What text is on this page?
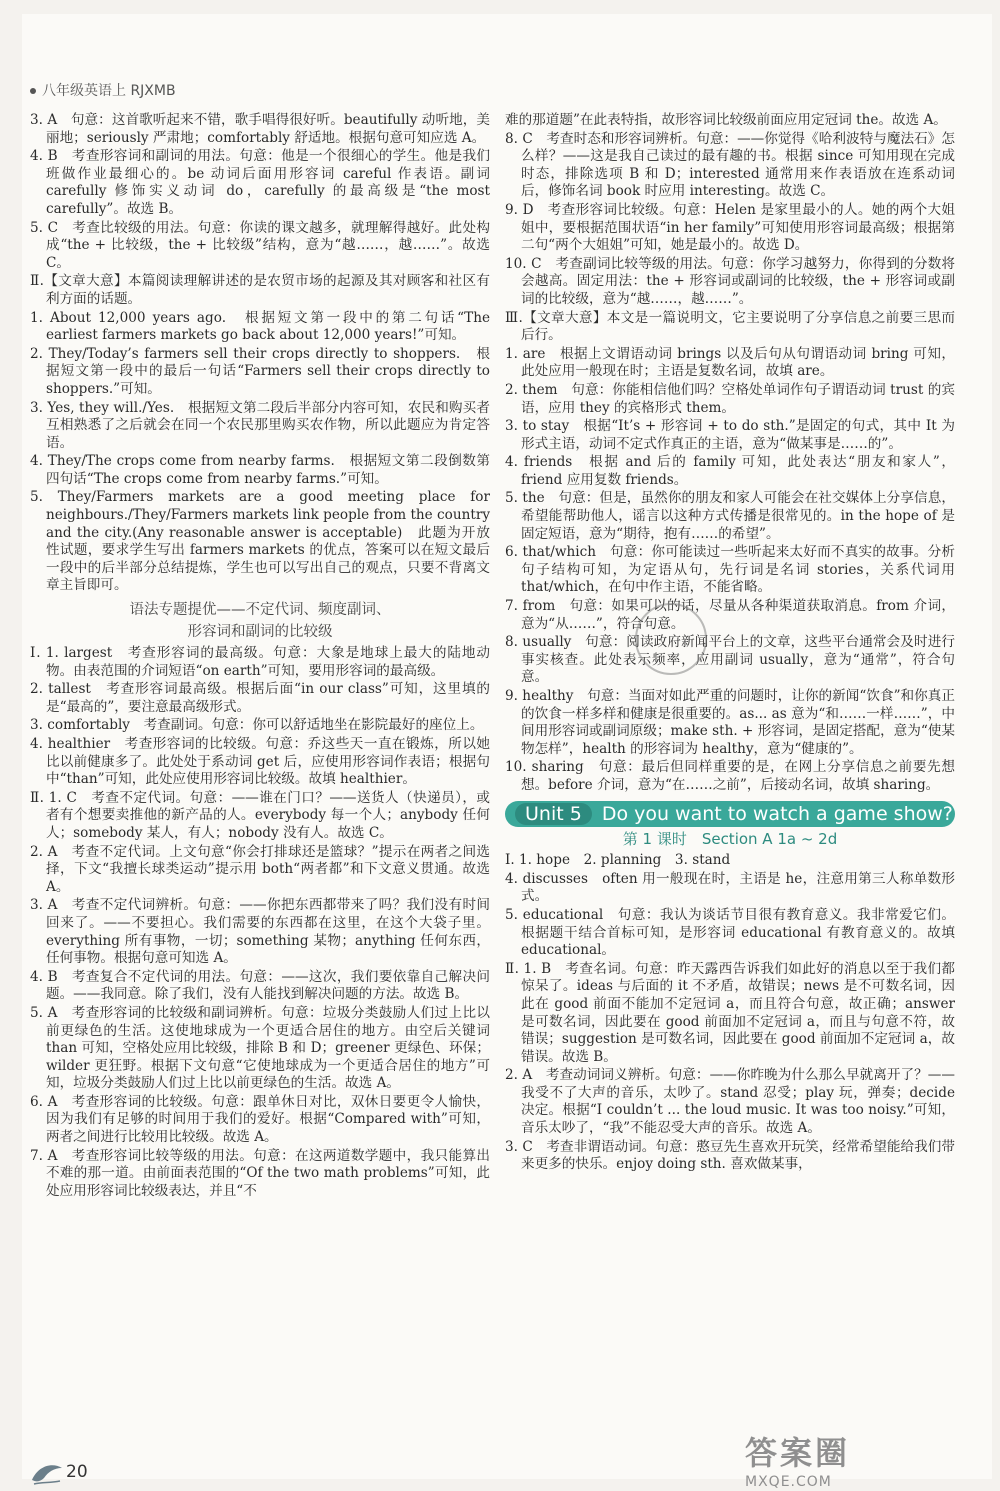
八年级英语上 RJXMB

3. A　句意：这首歌听起来不错，歌手唱得很好听。beautifully 动听地，美丽地；seriously 严肃地；comfortably 舒适地。根据句意可知应选 A。

4. B　考查形容词和副词的用法。句意：他是一个很细心的学生。他是我们班做作业最细心的。be 动词后面用形容词 careful 作表语。副词 carefully 修饰实义动词 do，carefully 的最高级是“the most carefully”。故选 B。

5. C　考查比较级的用法。句意：你读的课文越多，就理解得越好。此处构成“the + 比较级，the + 比较级”结构，意为“越……，越……”。故选 C。

Ⅱ.【文章大意】本篇阅读理解讲述的是农贸市场的起源及其对顾客和社区有利方面的话题。

1. About 12,000 years ago.　根据短文第一段中的第二句话“The earliest farmers markets go back about 12,000 years!”可知。

2. They/Today’s farmers sell their crops directly to shoppers.　根据短文第一段中的最后一句话“Farmers sell their crops directly to shoppers.”可知。

3. Yes, they will./Yes.　根据短文第二段后半部分内容可知，农民和购买者互相熟悉了之后就会在同一个农民那里购买农作物，所以此题应为肯定答语。

4. They/The crops come from nearby farms.　根据短文第二段倒数第四句话“The crops come from nearby farms.”可知。

5. They/Farmers markets are a good meeting place for neighbours./They/Farmers markets link people from the country and the city.(Any reasonable answer is acceptable)　此题为开放性试题，要求学生写出 farmers markets 的优点，答案可以在短文最后一段中的后半部分总结提炼，学生也可以写出自己的观点，只要不背离文章主旨即可。

语法专题提优——不定代词、频度副词、
形容词和副词的比较级

Ⅰ. 1. largest　考查形容词的最高级。句意：大象是地球上最大的陆地动物。由表范围的介词短语“on earth”可知，要用形容词的最高级。

2. tallest　考查形容词最高级。根据后面“in our class”可知，这里填的是“最高的”，要注意最高级形式。

3. comfortably　考查副词。句意：你可以舒适地坐在影院最好的座位上。

4. healthier　考查形容词的比较级。句意：乔这些天一直在锻炼，所以她比以前健康多了。此处处于系动词 get 后，应使用形容词作表语；根据句中“than”可知，此处应使用形容词比较级。故填 healthier。

Ⅱ. 1. C　考查不定代词。句意：——谁在门口？——送货人（快递员），或者有个想要卖推他的新产品的人。everybody 每一个人；anybody 任何人；somebody 某人，有人；nobody 没有人。故选 C。

2. A　考查不定代词。上文句意“你会打排球还是篮球？”提示在两者之间选择，下文“我擅长球类运动”提示用 both“两者都”和下文意义贯通。故选 A。

3. A　考查不定代词辨析。句意：——你把东西都带来了吗？我们没有时间回来了。——不要担心。我们需要的东西都在这里，在这个大袋子里。everything 所有事物，一切；something 某物；anything 任何东西，任何事物。根据句意可知选 A。

4. B　考查复合不定代词的用法。句意：——这次，我们要依靠自己解决问题。——我同意。除了我们，没有人能找到解决问题的方法。故选 B。

5. A　考查形容词的比较级和副词辨析。句意：垃圾分类鼓励人们过上比以前更绿色的生活。这使地球成为一个更适合居住的地方。由空后关键词 than 可知，空格处应用比较级，排除 B 和 D；greener 更绿色、环保；wilder 更狂野。根据下文句意“它使地球成为一个更适合居住的地方”可知，垃圾分类鼓励人们过上比以前更绿色的生活。故选 A。

6. A　考查形容词的比较级。句意：跟单休日对比，双休日要更令人愉快，因为我们有足够的时间用于我们的爱好。根据“Compared with”可知，两者之间进行比较用比较级。故选 A。

7. A　考查形容词比较等级的用法。句意：在这两道数学题中，我只能算出不难的那一道。由前面表范围的“Of the two math problems”可知，此处应用形容词比较级表达，并且“不

难的那道题”在此表特指，故形容词比较级前面应用定冠词 the。故选 A。

8. C　考查时态和形容词辨析。句意：——你觉得《哈利波特与魔法石》怎么样？——这是我自己读过的最有趣的书。根据 since 可知用现在完成时态，排除选项 B 和 D；interested 通常用来作表语放在连系动词后，修饰名词 book 时应用 interesting。故选 C。

9. D　考查形容词比较级。句意：Helen 是家里最小的人。她的两个大姐姐中，要根据范围状语“in her family”可知使用形容词最高级；根据第二句“两个大姐姐”可知，她是最小的。故选 D。

10. C　考查副词比较等级的用法。句意：你学习越努力，你得到的分数将会越高。固定用法：the + 形容词或副词的比较级，the + 形容词或副词的比较级，意为“越……，越……”。

Ⅲ.【文章大意】本文是一篇说明文，它主要说明了分享信息之前要三思而后行。

1. are　根据上文谓语动词 brings 以及后句从句谓语动词 bring 可知，此处应用一般现在时；主语是复数名词，故填 are。

2. them　句意：你能相信他们吗？空格处单词作句子谓语动词 trust 的宾语，应用 they 的宾格形式 them。

3. to stay　根据“It’s + 形容词 + to do sth.”是固定的句式，其中 It 为形式主语，动词不定式作真正的主语，意为“做某事是……的”。

4. friends　根据 and 后的 family 可知，此处表达“朋友和家人”，friend 应用复数 friends。

5. the　句意：但是，虽然你的朋友和家人可能会在社交媒体上分享信息，希望能帮助他人，谣言以这种方式传播是很常见的。in the hope of 是固定短语，意为“期待，抱有……的希望”。

6. that/which　句意：你可能读过一些听起来太好而不真实的故事。分析句子结构可知，为定语从句，先行词是名词 stories，关系代词用 that/which，在句中作主语，不能省略。

7. from　句意：如果可以的话，尽量从各种渠道获取消息。from 介词，意为“从……”，符合句意。

8. usually　句意：阅读政府新闻平台上的文章，这些平台通常会及时进行事实核查。此处表示频率，应用副词 usually，意为“通常”，符合句意。

9. healthy　句意：当面对如此严重的问题时，让你的新闻“饮食”和你真正的饮食一样多样和健康是很重要的。as... as 意为“和……一样……”，中间用形容词或副词原级；make sth. + 形容词，是固定搭配，意为“使某物怎样”，health 的形容词为 healthy，意为“健康的”。

10. sharing　句意：最后但同样重要的是，在网上分享信息之前要先想想。before 介词，意为“在……之前”，后接动名词，故填 sharing。

Unit 5 Do you want to watch a game show?
第 1 课时　Section A 1a ~ 2d

Ⅰ. 1. hope　2. planning　3. stand

4. discusses　often 用一般现在时，主语是 he，注意用第三人称单数形式。

5. educational　句意：我认为谈话节目很有教育意义。我非常爱它们。根据题干结合首标可知，是形容词 educational 有教育意义的。故填 educational。

Ⅱ. 1. B　考查名词。句意：昨天露西告诉我们如此好的消息以至于我们都惊呆了。ideas 与后面的 it 不矛盾，故错误；news 是不可数名词，因此在 good 前面不能加不定冠词 a，而且符合句意，故正确；answer 是可数名词，因此要在 good 前面加不定冠词 a，而且与句意不符，故错误；suggestion 是可数名词，因此要在 good 前面加不定冠词 a，故错误。故选 B。

2. A　考查动词词义辨析。句意：——你昨晚为什么那么早就离开了？——我受不了大声的音乐，太吵了。stand 忍受；play 玩，弹奏；decide 决定。根据“I couldn’t ... the loud music. It was too noisy.”可知，音乐太吵了，“我”不能忍受大声的音乐。故选 A。

3. C　考查非谓语动词。句意：憨豆先生喜欢开玩笑，经常希望能给我们带来更多的快乐。enjoy doing sth. 喜欢做某事，

20	答案圈
MXQE.COM
